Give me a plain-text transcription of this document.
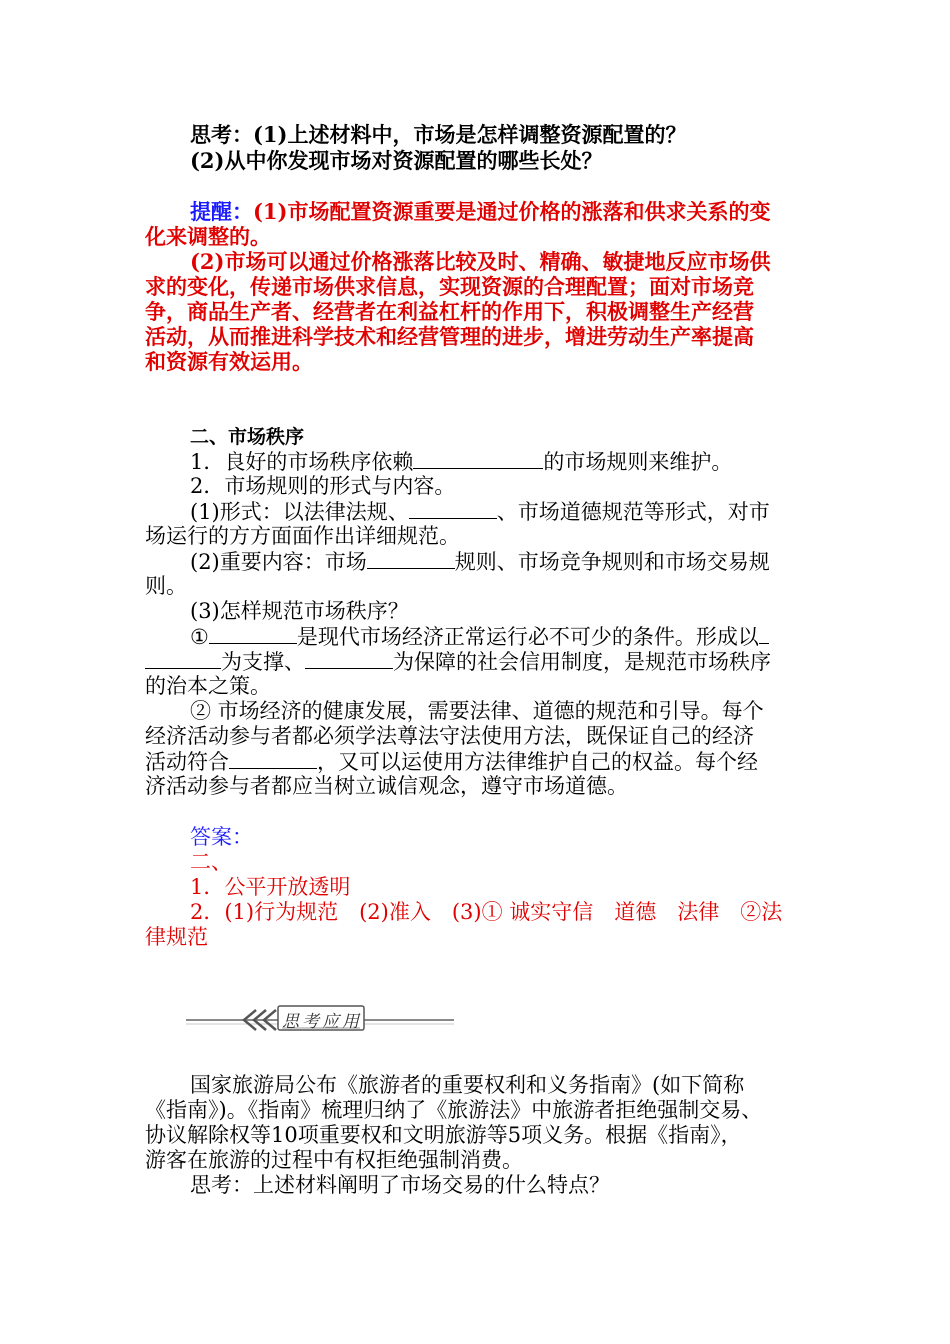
思考：(1)上述材料中，市场是怎样调整资源配置的？
(2)从中你发现市场对资源配置的哪些长处？
提醒：(1)市场配置资源重要是通过价格的涨落和供求关系的变
化来调整的。
(2)市场可以通过价格涨落比较及时、精确、敏捷地反应市场供
求的变化，传递市场供求信息，实现资源的合理配置；面对市场竞
争，商品生产者、经营者在利益杠杆的作用下，积极调整生产经营
活动，从而推进科学技术和经营管理的进步，增进劳动生产率提高
和资源有效运用。
二、市场秩序
1．良好的市场秩序依赖	的市场规则来维护。
2．市场规则的形式与内容。
(1)形式：以法律法规、	、市场道德规范等形式，对市
场运行的方方面面作出详细规范。
(2)重要内容：市场	规则、市场竞争规则和市场交易规
则。
(3)怎样规范市场秩序？
①	是现代市场经济正常运行必不可少的条件。形成以
为支撑、	为保障的社会信用制度，是规范市场秩序
的治本之策。
② 市场经济的健康发展，需要法律、道德的规范和引导。每个
经济活动参与者都必须学法尊法守法使用方法，既保证自己的经济
活动符合	，又可以运使用方法律维护自己的权益。每个经
济活动参与者都应当树立诚信观念，遵守市场道德。
答案：
二、
1．公平开放透明
2．(1)行为规范　(2)准入　(3)① 诚实守信　道德　法律　②法
律规范
思考应用
国家旅游局公布《旅游者的重要权利和义务指南》(如下简称
《指南》)。《指南》梳理归纳了《旅游法》中旅游者拒绝强制交易、
协议解除权等10项重要权和文明旅游等5项义务。根据《指南》，
游客在旅游的过程中有权拒绝强制消费。
思考：上述材料阐明了市场交易的什么特点？
